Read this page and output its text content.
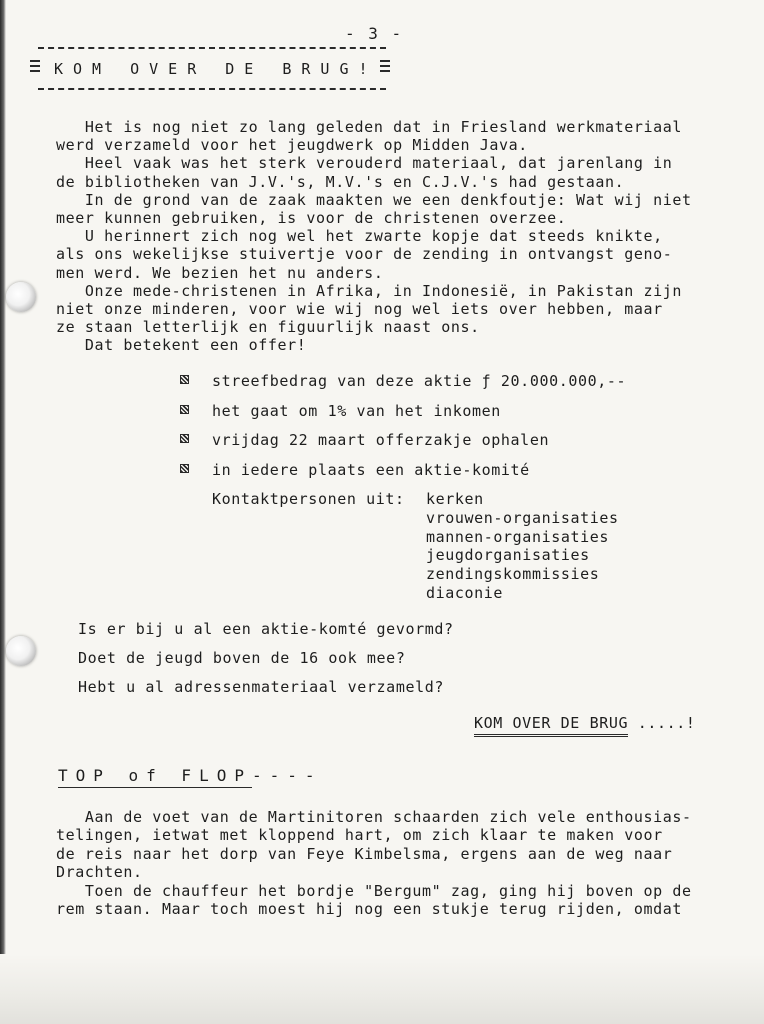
- 3 -
KOM OVER DE BRUG!
Het is nog niet zo lang geleden dat in Friesland werkmateriaal
werd verzameld voor het jeugdwerk op Midden Java.
Heel vaak was het sterk verouderd materiaal, dat jarenlang in
de bibliotheken van J.V.'s, M.V.'s en C.J.V.'s had gestaan.
In de grond van de zaak maakten we een denkfoutje: Wat wij niet
meer kunnen gebruiken, is voor de christenen overzee.
U herinnert zich nog wel het zwarte kopje dat steeds knikte,
als ons wekelijkse stuivertje voor de zending in ontvangst geno-
men werd. We bezien het nu anders.
Onze mede-christenen in Afrika, in Indonesië, in Pakistan zijn
niet onze minderen, voor wie wij nog wel iets over hebben, maar
ze staan letterlijk en figuurlijk naast ons.
Dat betekent een offer!
streefbedrag van deze aktie ƒ 20.000.000,--
het gaat om 1% van het inkomen
vrijdag 22 maart offerzakje ophalen
in iedere plaats een aktie-komité
Kontaktpersonen uit: kerken
vrouwen-organisaties
mannen-organisaties
jeugdorganisaties
zendingskommissies
diaconie
Is er bij u al een aktie-komté gevormd?
Doet de jeugd boven de 16 ook mee?
Hebt u al adressenmateriaal verzameld?
KOM OVER DE BRUG .....!
TOP of FLOP----
Aan de voet van de Martinitoren schaarden zich vele enthousias-
telingen, ietwat met kloppend hart, om zich klaar te maken voor
de reis naar het dorp van Feye Kimbelsma, ergens aan de weg naar
Drachten.
Toen de chauffeur het bordje "Bergum" zag, ging hij boven op de
rem staan. Maar toch moest hij nog een stukje terug rijden, omdat
